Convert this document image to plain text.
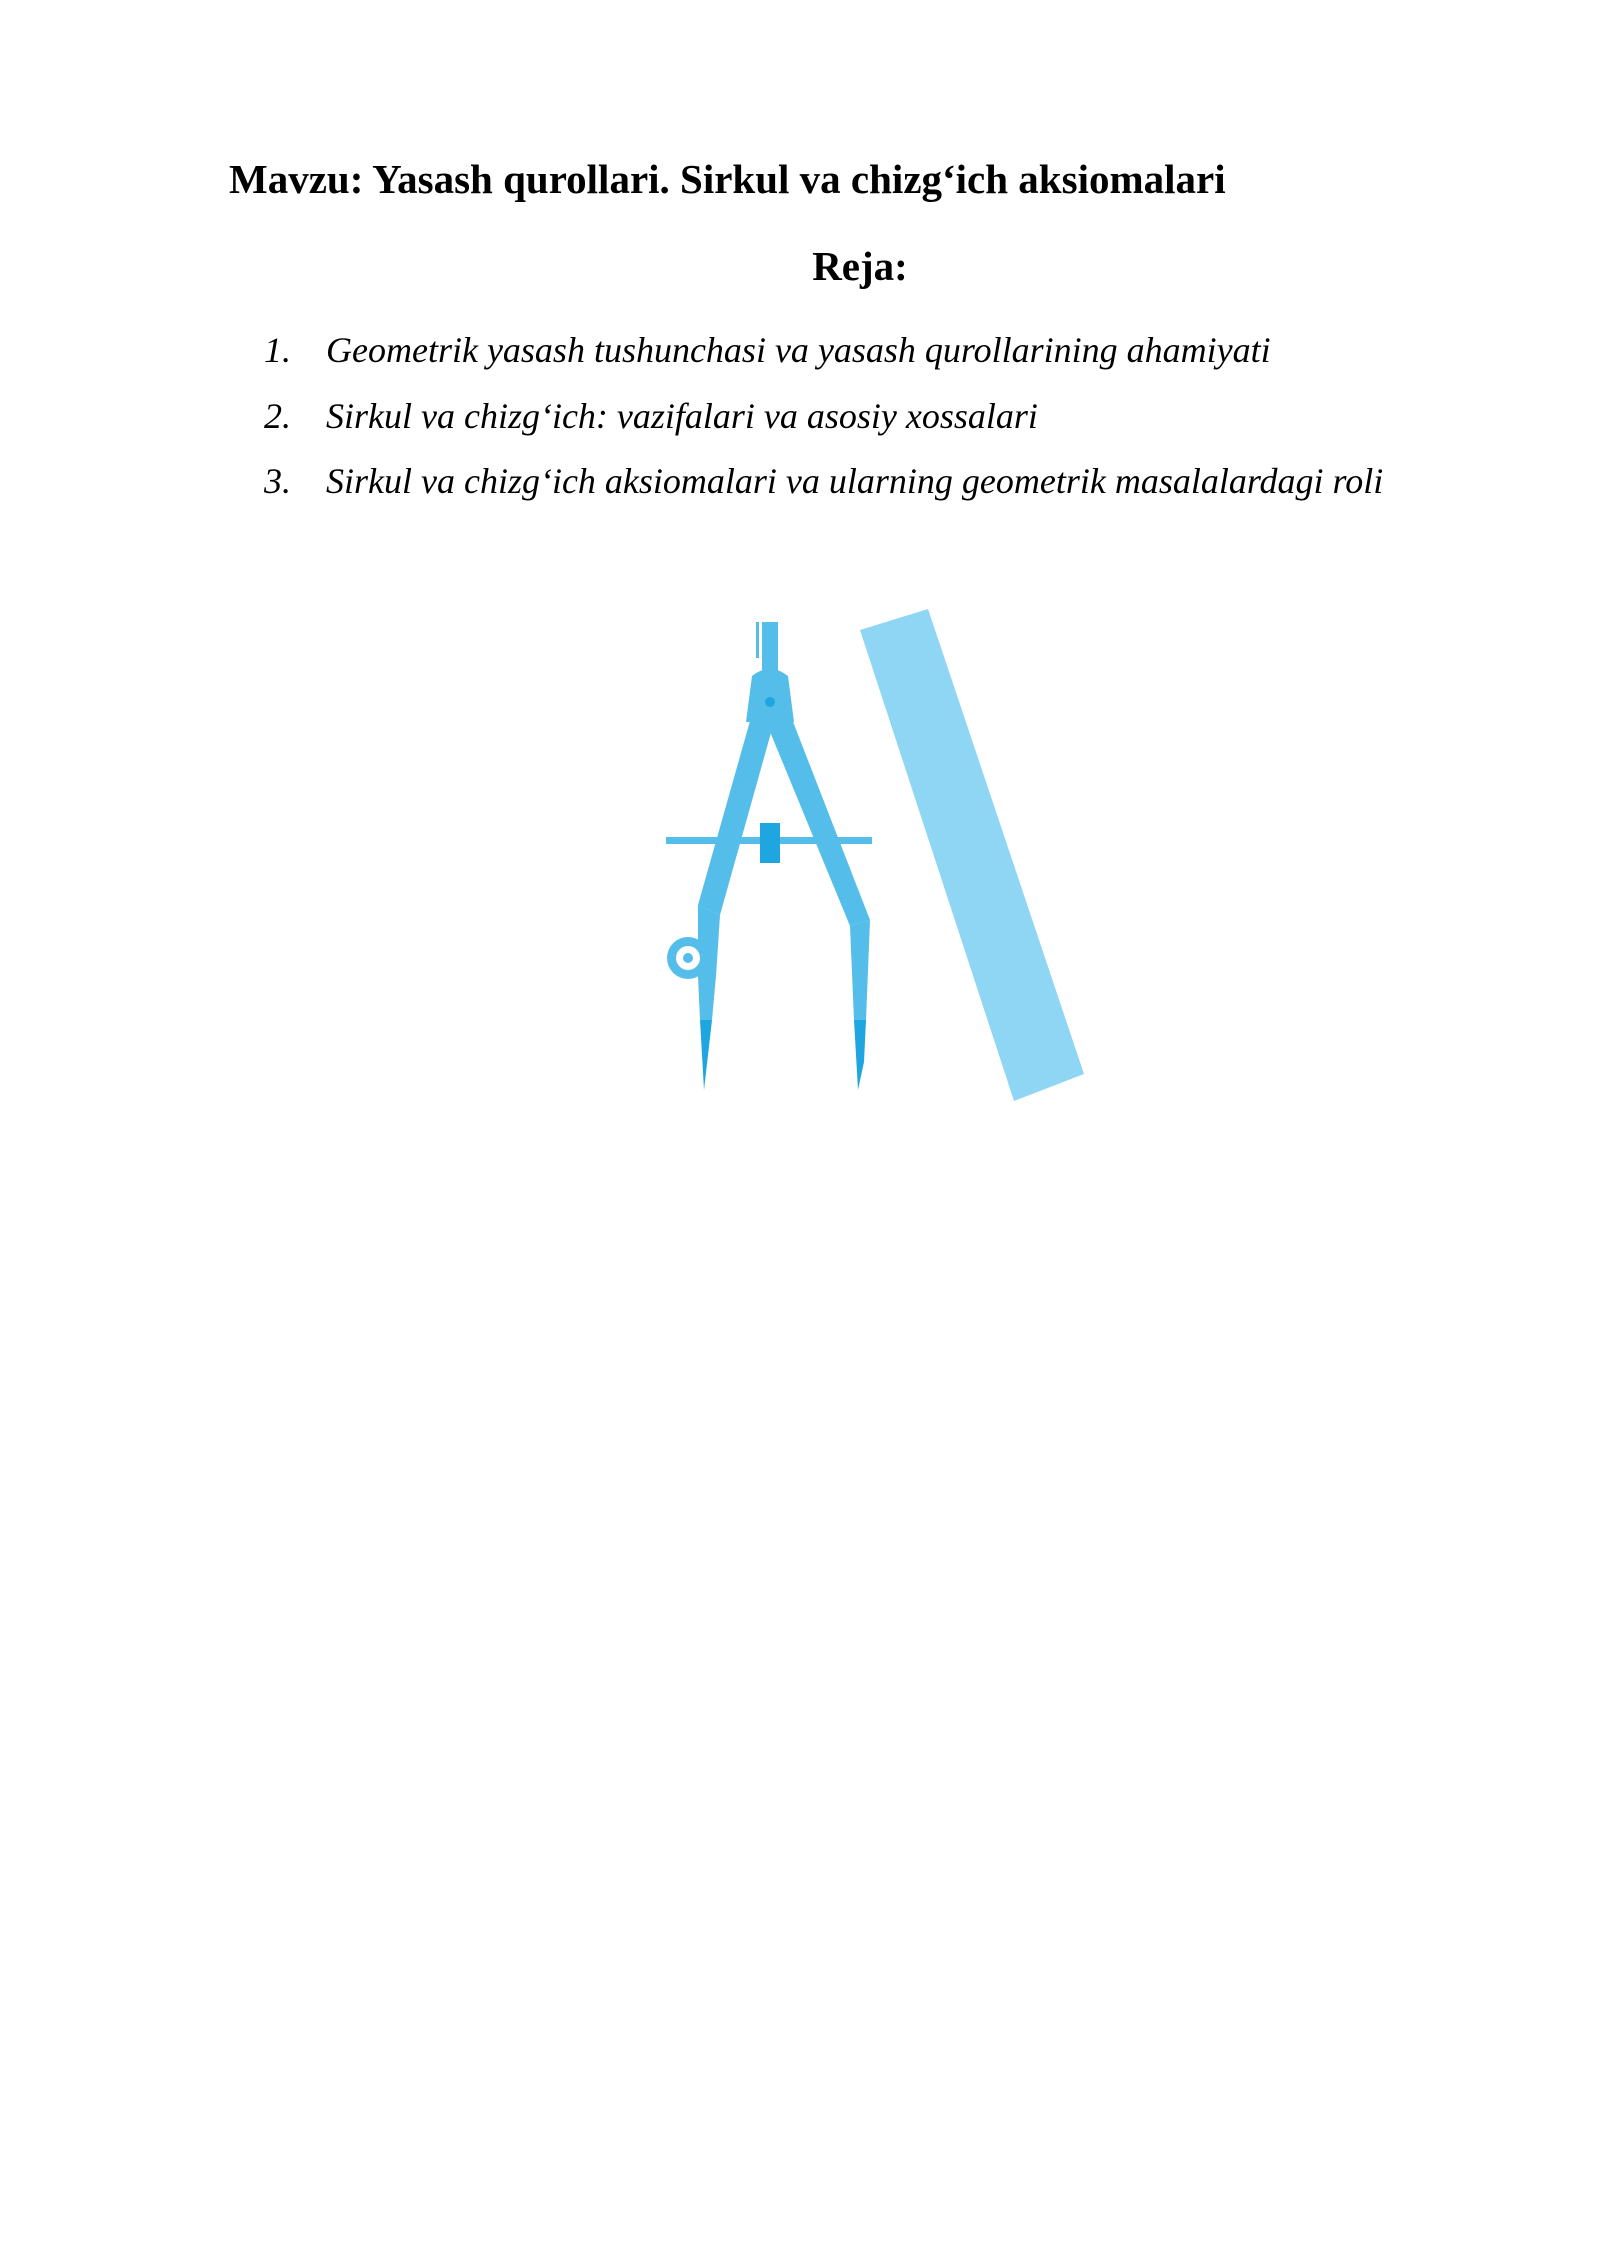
Mavzu: Yasash qurollari. Sirkul va chizg‘ich aksiomalari
Reja:
1. Geometrik yasash tushunchasi va yasash qurollarining ahamiyati
2. Sirkul va chizg‘ich: vazifalari va asosiy xossalari
3. Sirkul va chizg‘ich aksiomalari va ularning geometrik masalalardagi roli
